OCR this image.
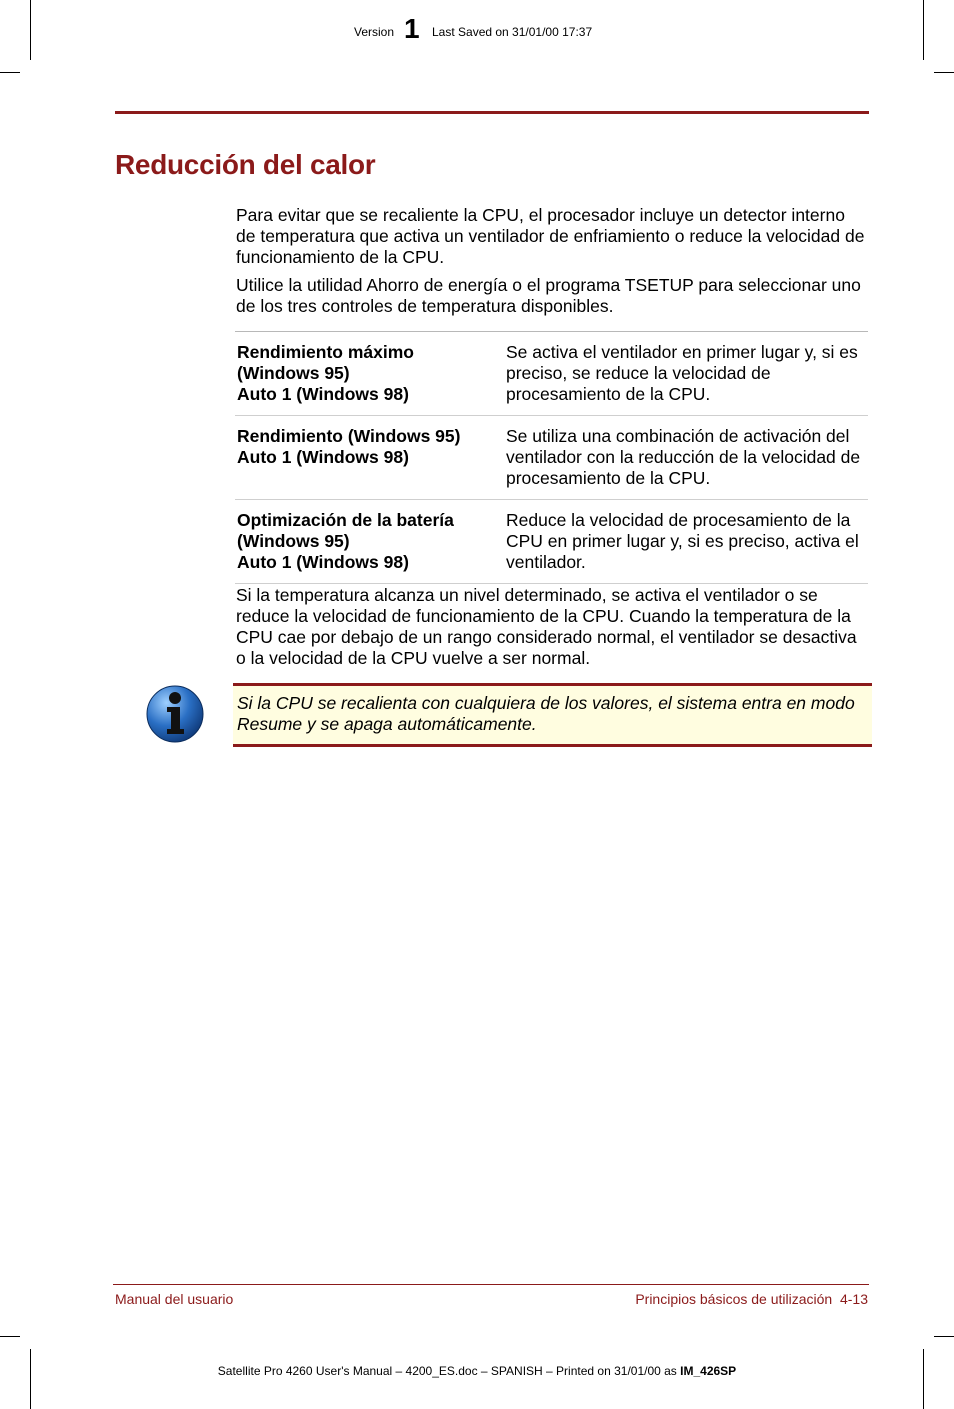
Version 1 Last Saved on 31/01/00 17:37
Reducción del calor

Para evitar que se recaliente la CPU, el procesador incluye un detector interno de temperatura que activa un ventilador de enfriamiento o reduce la velocidad de funcionamiento de la CPU.

Utilice la utilidad Ahorro de energía o el programa TSETUP para seleccionar uno de los tres controles de temperatura disponibles.

Rendimiento máximo
(Windows 95)
Auto 1 (Windows 98)
Se activa el ventilador en primer lugar y, si es preciso, se reduce la velocidad de procesamiento de la CPU.
Rendimiento (Windows 95)
Auto 1 (Windows 98)
Se utiliza una combinación de activación del ventilador con la reducción de la velocidad de procesamiento de la CPU.
Optimización de la batería
(Windows 95)
Auto 1 (Windows 98)
Reduce la velocidad de procesamiento de la CPU en primer lugar y, si es preciso, activa el ventilador.

Si la temperatura alcanza un nivel determinado, se activa el ventilador o se reduce la velocidad de funcionamiento de la CPU. Cuando la temperatura de la CPU cae por debajo de un rango considerado normal, el ventilador se desactiva o la velocidad de la CPU vuelve a ser normal.

Si la CPU se recalienta con cualquiera de los valores, el sistema entra en modo Resume y se apaga automáticamente.

Manual del usuario	Principios básicos de utilización  4-13
Satellite Pro 4260 User's Manual – 4200_ES.doc – SPANISH – Printed on 31/01/00 as IM_426SP
